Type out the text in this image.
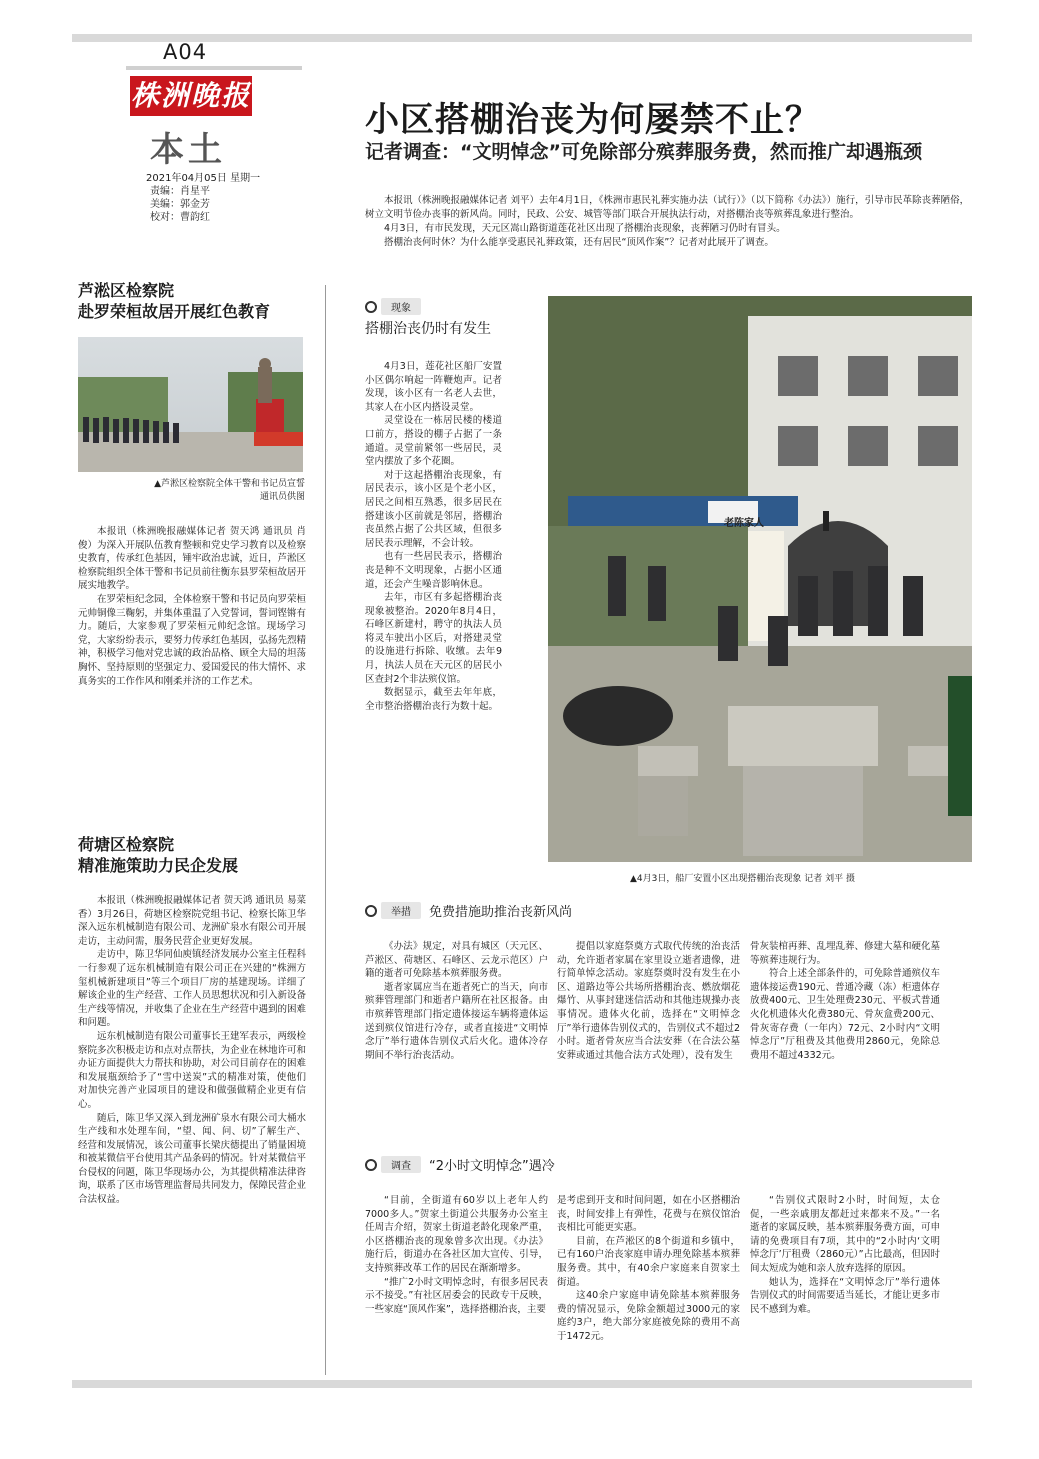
A04
株洲晚报
本土
2021年04月05日 星期一
责编：肖星平
美编：郭金芳
校对：曹韵红
小区搭棚治丧为何屡禁不止？
记者调查：“文明悼念”可免除部分殡葬服务费，然而推广却遇瓶颈

本报讯（株洲晚报融媒体记者 刘平）去年4月1日，《株洲市惠民礼葬实施办法（试行）》（以下简称《办法》）施行，引导市民革除丧葬陋俗，树立文明节俭办丧事的新风尚。同时，民政、公安、城管等部门联合开展执法行动，对搭棚治丧等殡葬乱象进行整治。

4月3日，有市民发现，天元区嵩山路街道莲花社区出现了搭棚治丧现象，丧葬陋习仍时有冒头。

搭棚治丧何时休？为什么能享受惠民礼葬政策，还有居民“顶风作案”？记者对此展开了调查。

芦淞区检察院
赴罗荣桓故居开展红色教育
▲芦淞区检察院全体干警和书记员宣誓
通讯员供图

本报讯（株洲晚报融媒体记者 贺天鸿 通讯员 肖俊）为深入开展队伍教育整顿和党史学习教育以及检察史教育，传承红色基因，锤牢政治忠诚，近日，芦淞区检察院组织全体干警和书记员前往衡东县罗荣桓故居开展实地教学。

在罗荣桓纪念园，全体检察干警和书记员向罗荣桓元帅铜像三鞠躬，并集体重温了入党誓词，誓词铿锵有力。随后，大家参观了罗荣桓元帅纪念馆。现场学习党，大家纷纷表示，要努力传承红色基因，弘扬先烈精神，积极学习他对党忠诚的政治品格、顾全大局的坦荡胸怀、坚持原则的坚强定力、爱国爱民的伟大情怀、求真务实的工作作风和刚柔并济的工作艺术。

荷塘区检察院
精准施策助力民企发展

本报讯（株洲晚报融媒体记者 贺天鸿 通讯员 易菜香）3月26日，荷塘区检察院党组书记、检察长陈卫华深入远东机械制造有限公司、龙洲矿泉水有限公司开展走访，主动问需，服务民营企业更好发展。

走访中，陈卫华同仙庾镇经济发展办公室主任程科一行参观了远东机械制造有限公司正在兴建的“株洲方玺机械新建项目”等三个项目厂房的基建现场。详细了解该企业的生产经营、工作人员思想状况和引入新设备生产线等情况，并收集了企业在生产经营中遇到的困难和问题。

远东机械制造有限公司董事长王建军表示，两级检察院多次积极走访和点对点帮扶，为企业在林地许可和办证方面提供大力帮扶和协助，对公司目前存在的困难和发展瓶颈给予了“雪中送炭”式的精准对策，使他们对加快完善产业园项目的建设和做强做精企业更有信心。

随后，陈卫华又深入到龙洲矿泉水有限公司大桶水生产线和水处理车间，“望、闻、问、切”了解生产、经营和发展情况，该公司董事长梁庆德提出了销量困境和被某微信平台使用其产品条码的情况。针对某微信平台侵权的问题，陈卫华现场办公，为其提供精准法律咨询，联系了区市场管理监督局共同发力，保障民营企业合法权益。

现象
搭棚治丧仍时有发生

4月3日，莲花社区船厂安置小区偶尔响起一阵鞭炮声。记者发现，该小区有一名老人去世，其家人在小区内搭设灵堂。

灵堂设在一栋居民楼的楼道口前方，搭设的棚子占据了一条通道。灵堂前紧邻一些居民，灵堂内摆放了多个花圈。

对于这起搭棚治丧现象，有居民表示，该小区是个老小区，居民之间相互熟悉，很多居民在搭建该小区前就是邻居，搭棚治丧虽然占据了公共区域，但很多居民表示理解，不会计较。

也有一些居民表示，搭棚治丧是种不文明现象，占据小区通道，还会产生噪音影响休息。

去年，市区有多起搭棚治丧现象被整治。2020年8月4日，石峰区新建村，聘守的执法人员将灵车驶出小区后，对搭建灵堂的设施进行拆除、收缴。去年9月，执法人员在天元区的居民小区查封2个非法殡仪馆。

数据显示，截至去年年底，全市整治搭棚治丧行为数十起。

老陈家人
▲4月3日，船厂安置小区出现搭棚治丧现象 记者 刘平 摄
举措	免费措施助推治丧新风尚

《办法》规定，对具有城区（天元区、芦淞区、荷塘区、石峰区、云龙示范区）户籍的逝者可免除基本殡葬服务费。

逝者家属应当在逝者死亡的当天，向市殡葬管理部门和逝者户籍所在社区报备。由市殡葬管理部门指定遗体接运车辆将遗体运送到殡仪馆进行冷存，或者直接进“文明悼念厅”举行遗体告别仪式后火化。遗体冷存期间不举行治丧活动。

提倡以家庭祭奠方式取代传统的治丧活动，允许逝者家属在家里设立逝者遗像，进行简单悼念活动。家庭祭奠时没有发生在小区、道路边等公共场所搭棚治丧、燃放烟花爆竹、从事封建迷信活动和其他违规操办丧事情况。遗体火化前，选择在“文明悼念厅”举行遗体告别仪式的，告别仪式不超过2小时。逝者骨灰应当合法安葬（在合法公墓安葬或通过其他合法方式处理），没有发生

骨灰装棺再葬、乱埋乱葬、修建大墓和硬化墓等殡葬违规行为。

符合上述全部条件的，可免除普通殡仪车遗体接运费190元、普通冷藏（冻）柜遗体存放费400元、卫生处理费230元、平板式普通火化机遗体火化费380元、骨灰盒费200元、骨灰寄存费（一年内）72元、2小时内“文明悼念厅”厅租费及其他费用2860元，免除总费用不超过4332元。

调查	“2小时文明悼念”遇冷

“目前，全街道有60岁以上老年人约7000多人。”贺家土街道公共服务办公室主任周吉介绍，贺家土街道老龄化现象严重，小区搭棚治丧的现象曾多次出现。《办法》施行后，街道办在各社区加大宣传、引导，支持殡葬改革工作的居民在渐渐增多。

“推广2小时文明悼念时，有很多居民表示不接受。”有社区居委会的民政专干反映，一些家庭“顶风作案”，选择搭棚治丧，主要

是考虑到开支和时间问题，如在小区搭棚治丧，时间安排上有弹性，花费与在殡仪馆治丧相比可能更实惠。

目前，在芦淞区的8个街道和乡镇中，已有160户治丧家庭申请办理免除基本殡葬服务费。其中，有40余户家庭来自贺家土街道。

这40余户家庭申请免除基本殡葬服务费的情况显示，免除金额超过3000元的家庭约3户，绝大部分家庭被免除的费用不高于1472元。

“告别仪式限时2小时，时间短，太仓促，一些亲戚朋友都赶过来都来不及。”一名逝者的家属反映，基本殡葬服务费方面，可申请的免费项目有7项，其中的“2小时内‘文明悼念厅’厅租费（2860元）”占比最高，但因时间太短成为她和亲人放弃选择的原因。

她认为，选择在“文明悼念厅”举行遗体告别仪式的时间需要适当延长，才能让更多市民不感到为难。
